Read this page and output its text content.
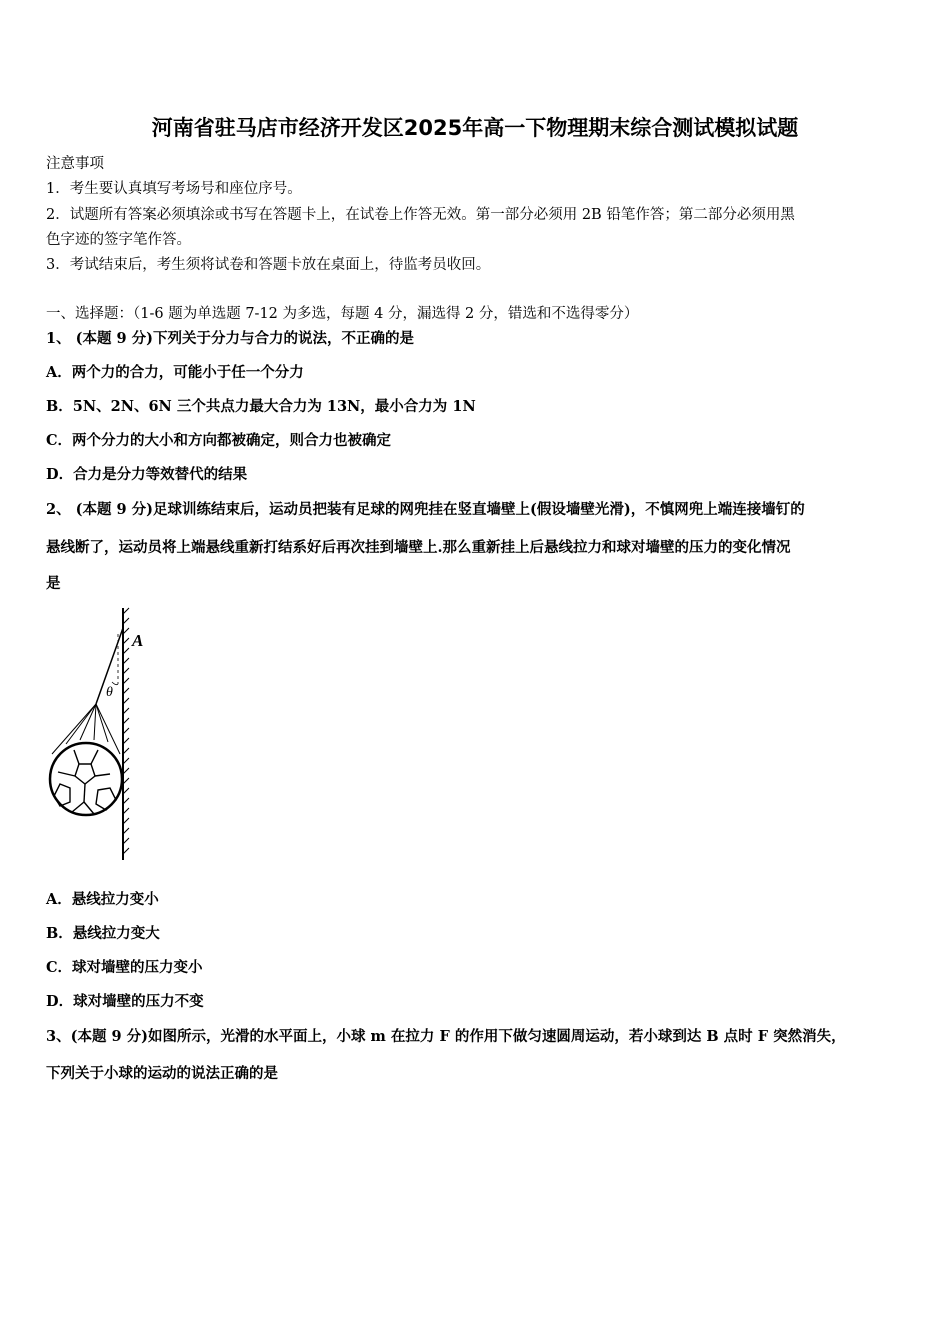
河南省驻马店市经济开发区2025年高一下物理期末综合测试模拟试题
注意事项
1．考生要认真填写考场号和座位序号。
2．试题所有答案必须填涂或书写在答题卡上，在试卷上作答无效。第一部分必须用 2B 铅笔作答；第二部分必须用黑
色字迹的签字笔作答。
3．考试结束后，考生须将试卷和答题卡放在桌面上，待监考员收回。
一、选择题：（1-6 题为单选题 7-12 为多选，每题 4 分，漏选得 2 分，错选和不选得零分）
1、 (本题 9 分)下列关于分力与合力的说法，不正确的是
A．两个力的合力，可能小于任一个分力
B．5N、2N、6N 三个共点力最大合力为 13N，最小合力为 1N
C．两个分力的大小和方向都被确定，则合力也被确定
D．合力是分力等效替代的结果
2、 (本题 9 分)足球训练结束后，运动员把装有足球的网兜挂在竖直墙壁上(假设墙壁光滑)，不慎网兜上端连接墙钉的
悬线断了，运动员将上端悬线重新打结系好后再次挂到墙壁上.那么重新挂上后悬线拉力和球对墙壁的压力的变化情况
是
A
θ
A．悬线拉力变小
B．悬线拉力变大
C．球对墙壁的压力变小
D．球对墙壁的压力不变
3、(本题 9 分)如图所示，光滑的水平面上，小球 m 在拉力 F 的作用下做匀速圆周运动，若小球到达 B 点时 F 突然消失，
下列关于小球的运动的说法正确的是
